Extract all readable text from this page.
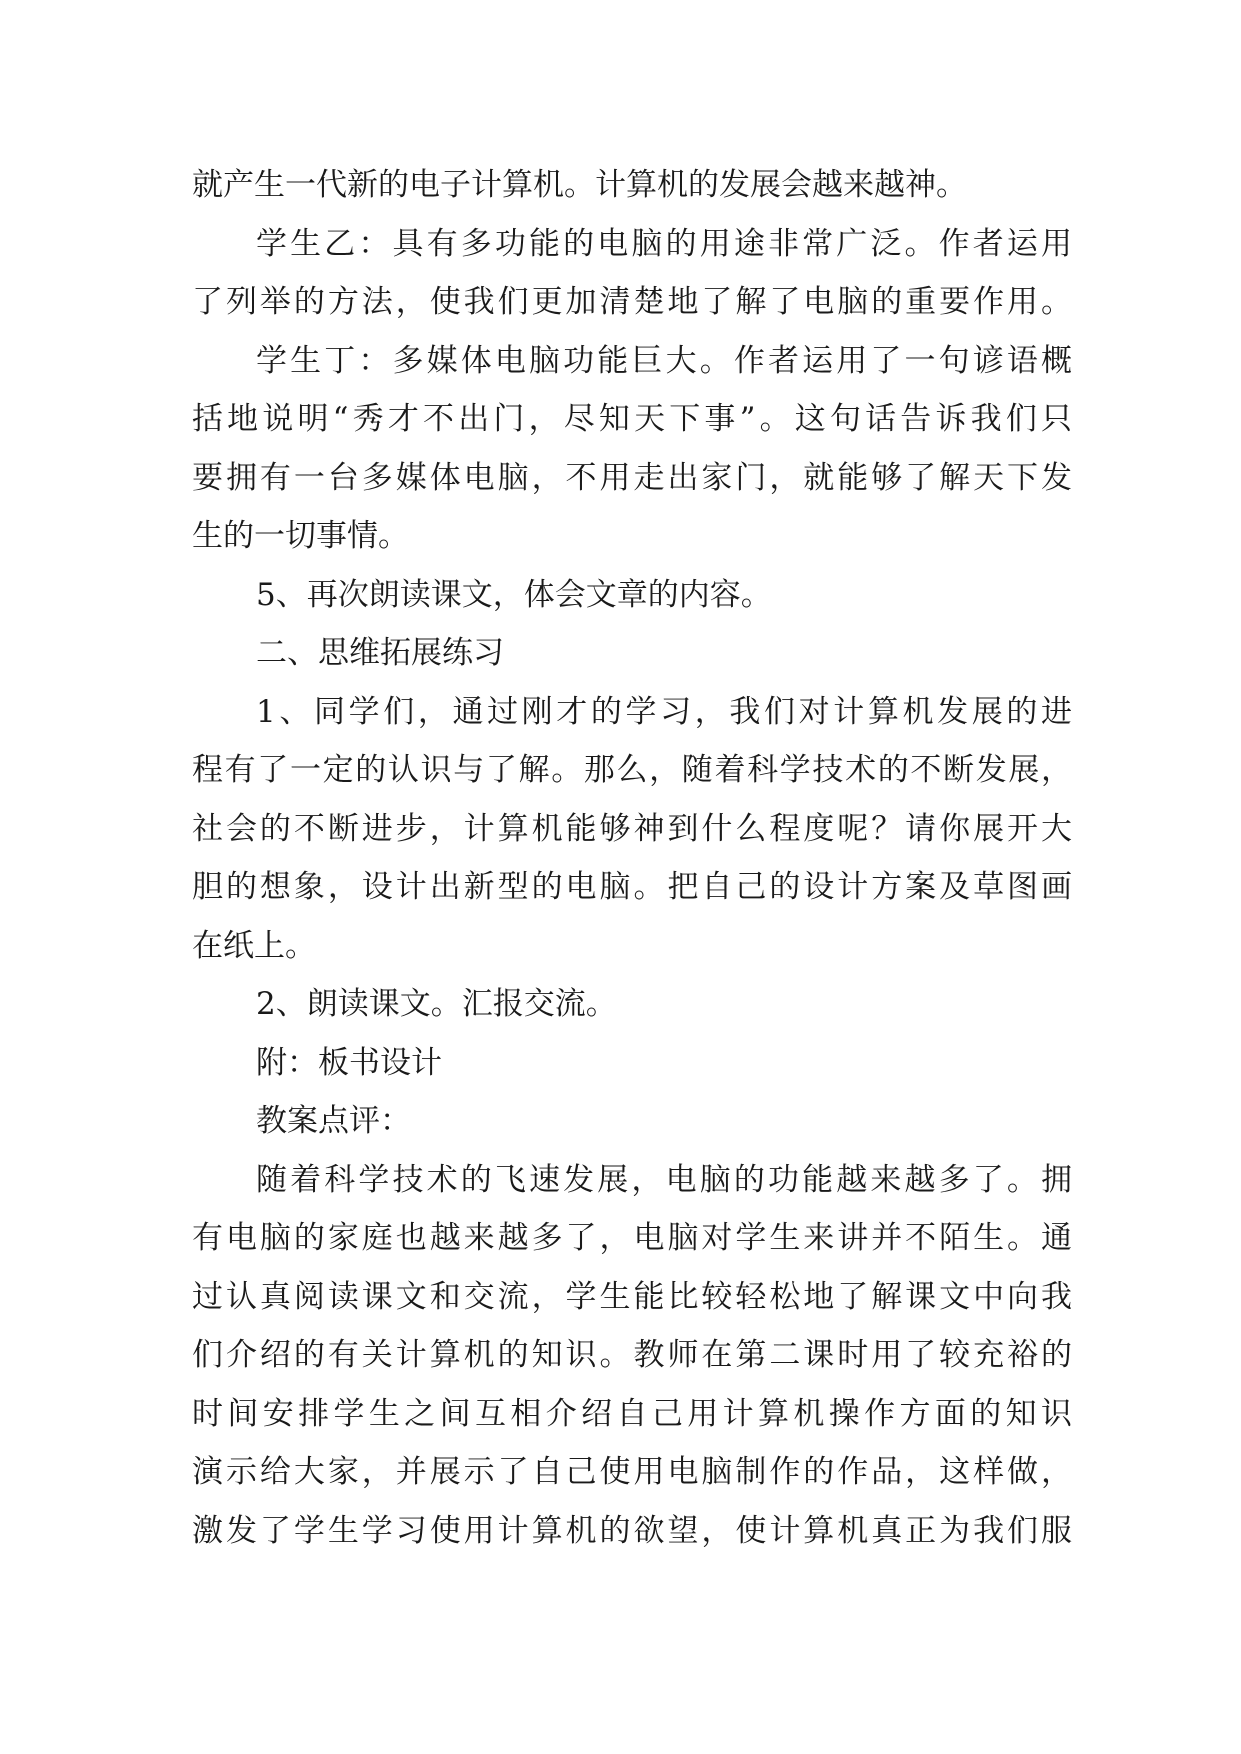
就产生一代新的电子计算机。计算机的发展会越来越神。
学生乙：具有多功能的电脑的用途非常广泛。作者运用
了列举的方法，使我们更加清楚地了解了电脑的重要作用。
学生丁：多媒体电脑功能巨大。作者运用了一句谚语概
括地说明“秀才不出门，尽知天下事”。这句话告诉我们只
要拥有一台多媒体电脑，不用走出家门，就能够了解天下发
生的一切事情。
5、再次朗读课文，体会文章的内容。
二、思维拓展练习
1、同学们，通过刚才的学习，我们对计算机发展的进
程有了一定的认识与了解。那么，随着科学技术的不断发展，
社会的不断进步，计算机能够神到什么程度呢？请你展开大
胆的想象，设计出新型的电脑。把自己的设计方案及草图画
在纸上。
2、朗读课文。汇报交流。
附：板书设计
教案点评：
随着科学技术的飞速发展，电脑的功能越来越多了。拥
有电脑的家庭也越来越多了，电脑对学生来讲并不陌生。通
过认真阅读课文和交流，学生能比较轻松地了解课文中向我
们介绍的有关计算机的知识。教师在第二课时用了较充裕的
时间安排学生之间互相介绍自己用计算机操作方面的知识
演示给大家，并展示了自己使用电脑制作的作品，这样做，
激发了学生学习使用计算机的欲望，使计算机真正为我们服
